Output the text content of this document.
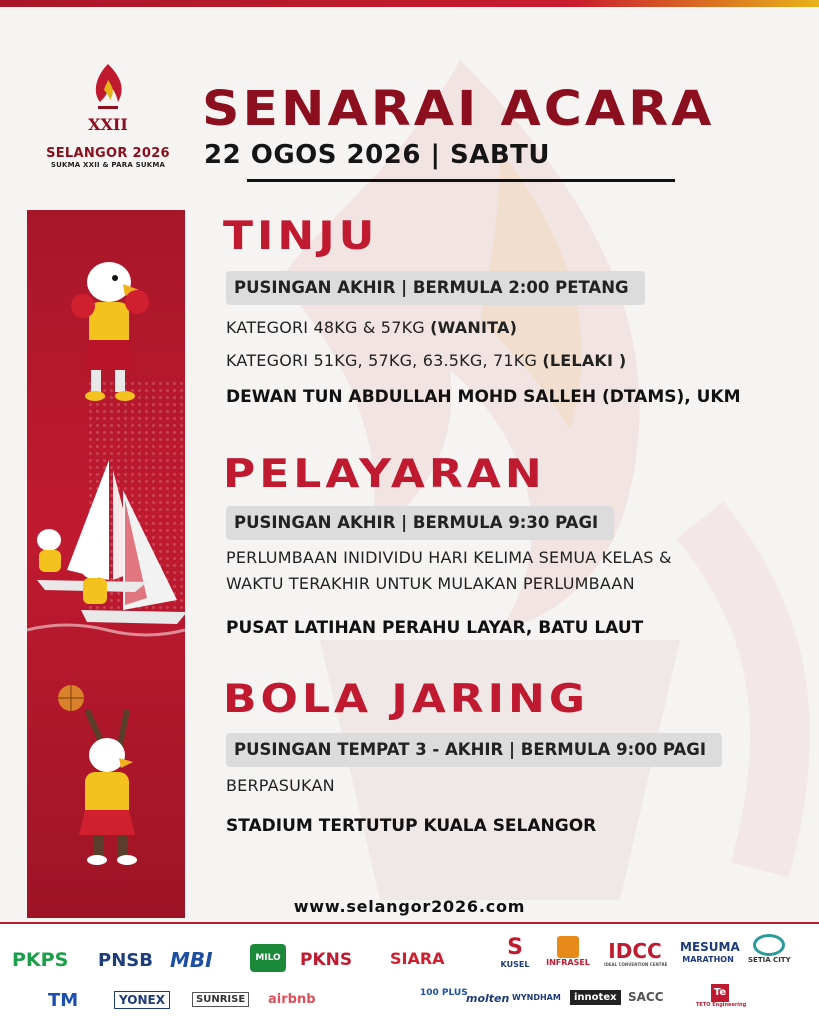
XXII
SELANGOR 2026
SUKMA XXII & PARA SUKMA
SENARAI ACARA
22 OGOS 2026 | SABTU
TINJU
PUSINGAN AKHIR | BERMULA 2:00 PETANG
KATEGORI 48KG & 57KG (WANITA)
KATEGORI 51KG, 57KG, 63.5KG, 71KG (LELAKI )
DEWAN TUN ABDULLAH MOHD SALLEH (DTAMS), UKM
PELAYARAN
PUSINGAN AKHIR | BERMULA 9:30 PAGI
PERLUMBAAN INIDIVIDU HARI KELIMA SEMUA KELAS &
WAKTU TERAKHIR UNTUK MULAKAN PERLUMBAAN
PUSAT LATIHAN PERAHU LAYAR, BATU LAUT
BOLA JARING
PUSINGAN TEMPAT 3 - AKHIR | BERMULA 9:00 PAGI
BERPASUKAN
STADIUM TERTUTUP KUALA SELANGOR
www.selangor2026.com
PKPS PNSB MBI	MILO	PKNS SIARA	S
KUSEL	INFRASEL IDCC
IDEAL CONVENTION CENTRE
MESUMA
MARATHON	SETIA CITY
TM	YONEX	SUNRISE	airbnb	100 PLUS
molten WYNDHAM	innotex SACC	Te
TETO Engineering
